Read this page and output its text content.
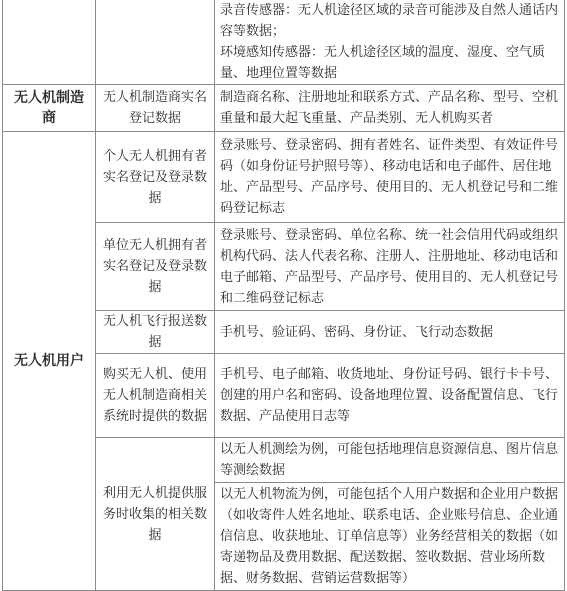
		录音传感器：无人机途径区域的录音可能涉及自然人通话内容等数据；
环境感知传感器：无人机途径区域的温度、湿度、空气质量、地理位置等数据

无人机制造商	无人机制造商实名登记数据	制造商名称、注册地址和联系方式、产品名称、型号、空机重量和最大起飞重量、产品类别、无人机购买者
无人机用户	个人无人机拥有者实名登记及登录数据	登录账号、登录密码、拥有者姓名、证件类型、有效证件号码（如身份证号护照号等）、移动电话和电子邮件、居住地址、产品型号、产品序号、使用目的、无人机登记号和二维码登记标志
	单位无人机拥有者实名登记及登录数据	登录账号、登录密码、单位名称、统一社会信用代码或组织机构代码、法人代表名称、注册人、注册地址、移动电话和电子邮箱、产品型号、产品序号、使用目的、无人机登记号和二维码登记标志
	无人机飞行报送数据	手机号、验证码、密码、身份证、飞行动态数据
	购买无人机、使用无人机制造商相关系统时提供的数据	手机号、电子邮箱、收货地址、身份证号码、银行卡卡号、创建的用户名和密码、设备地理位置、设备配置信息、飞行数据、产品使用日志等
	利用无人机提供服务时收集的相关数据	以无人机测绘为例，可能包括地理信息资源信息、图片信息等测绘数据
		以无人机物流为例，可能包括个人用户数据和企业用户数据（如收寄件人姓名地址、联系电话、企业账号信息、企业通信信息、收获地址、订单信息等）业务经营相关的数据（如寄递物品及费用数据、配送数据、签收数据、营业场所数据、财务数据、营销运营数据等）
